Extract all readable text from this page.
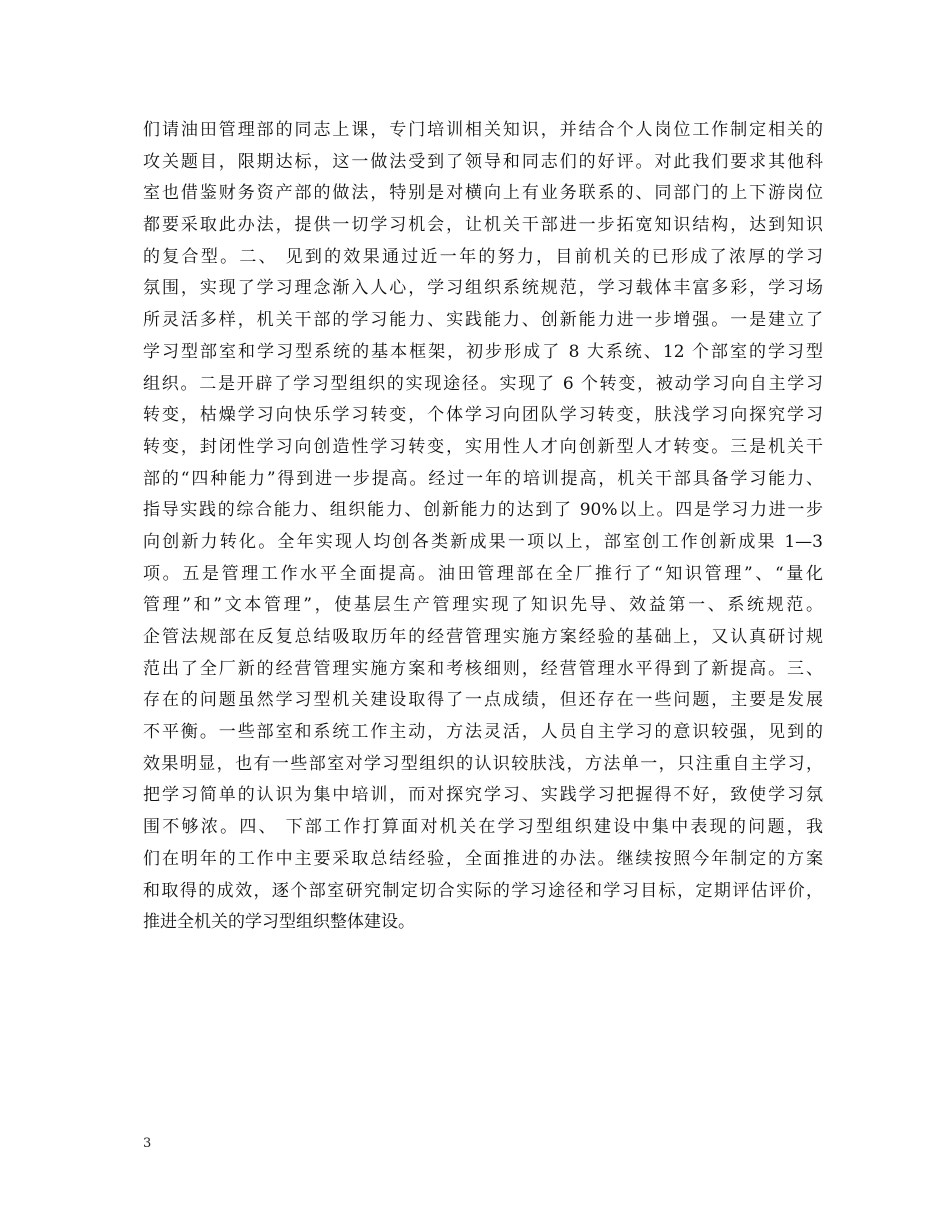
们请油田管理部的同志上课，专门培训相关知识，并结合个人岗位工作制定相关的
攻关题目，限期达标，这一做法受到了领导和同志们的好评。对此我们要求其他科
室也借鉴财务资产部的做法，特别是对横向上有业务联系的、同部门的上下游岗位
都要采取此办法，提供一切学习机会，让机关干部进一步拓宽知识结构，达到知识
的复合型。二、 见到的效果通过近一年的努力，目前机关的已形成了浓厚的学习
氛围，实现了学习理念渐入人心，学习组织系统规范，学习载体丰富多彩，学习场
所灵活多样，机关干部的学习能力、实践能力、创新能力进一步增强。一是建立了
学习型部室和学习型系统的基本框架，初步形成了 8 大系统、12 个部室的学习型
组织。二是开辟了学习型组织的实现途径。实现了 6 个转变，被动学习向自主学习
转变，枯燥学习向快乐学习转变，个体学习向团队学习转变，肤浅学习向探究学习
转变，封闭性学习向创造性学习转变，实用性人才向创新型人才转变。三是机关干
部的“四种能力”得到进一步提高。经过一年的培训提高，机关干部具备学习能力、
指导实践的综合能力、组织能力、创新能力的达到了 90%以上。四是学习力进一步
向创新力转化。全年实现人均创各类新成果一项以上，部室创工作创新成果 1—3
项。五是管理工作水平全面提高。油田管理部在全厂推行了“知识管理”、“量化
管理”和”文本管理”，使基层生产管理实现了知识先导、效益第一、系统规范。
企管法规部在反复总结吸取历年的经营管理实施方案经验的基础上，又认真研讨规
范出了全厂新的经营管理实施方案和考核细则，经营管理水平得到了新提高。三、
存在的问题虽然学习型机关建设取得了一点成绩，但还存在一些问题，主要是发展
不平衡。一些部室和系统工作主动，方法灵活，人员自主学习的意识较强，见到的
效果明显，也有一些部室对学习型组织的认识较肤浅，方法单一，只注重自主学习，
把学习简单的认识为集中培训，而对探究学习、实践学习把握得不好，致使学习氛
围不够浓。四、 下部工作打算面对机关在学习型组织建设中集中表现的问题，我
们在明年的工作中主要采取总结经验，全面推进的办法。继续按照今年制定的方案
和取得的成效，逐个部室研究制定切合实际的学习途径和学习目标，定期评估评价，
推进全机关的学习型组织整体建设。
3
